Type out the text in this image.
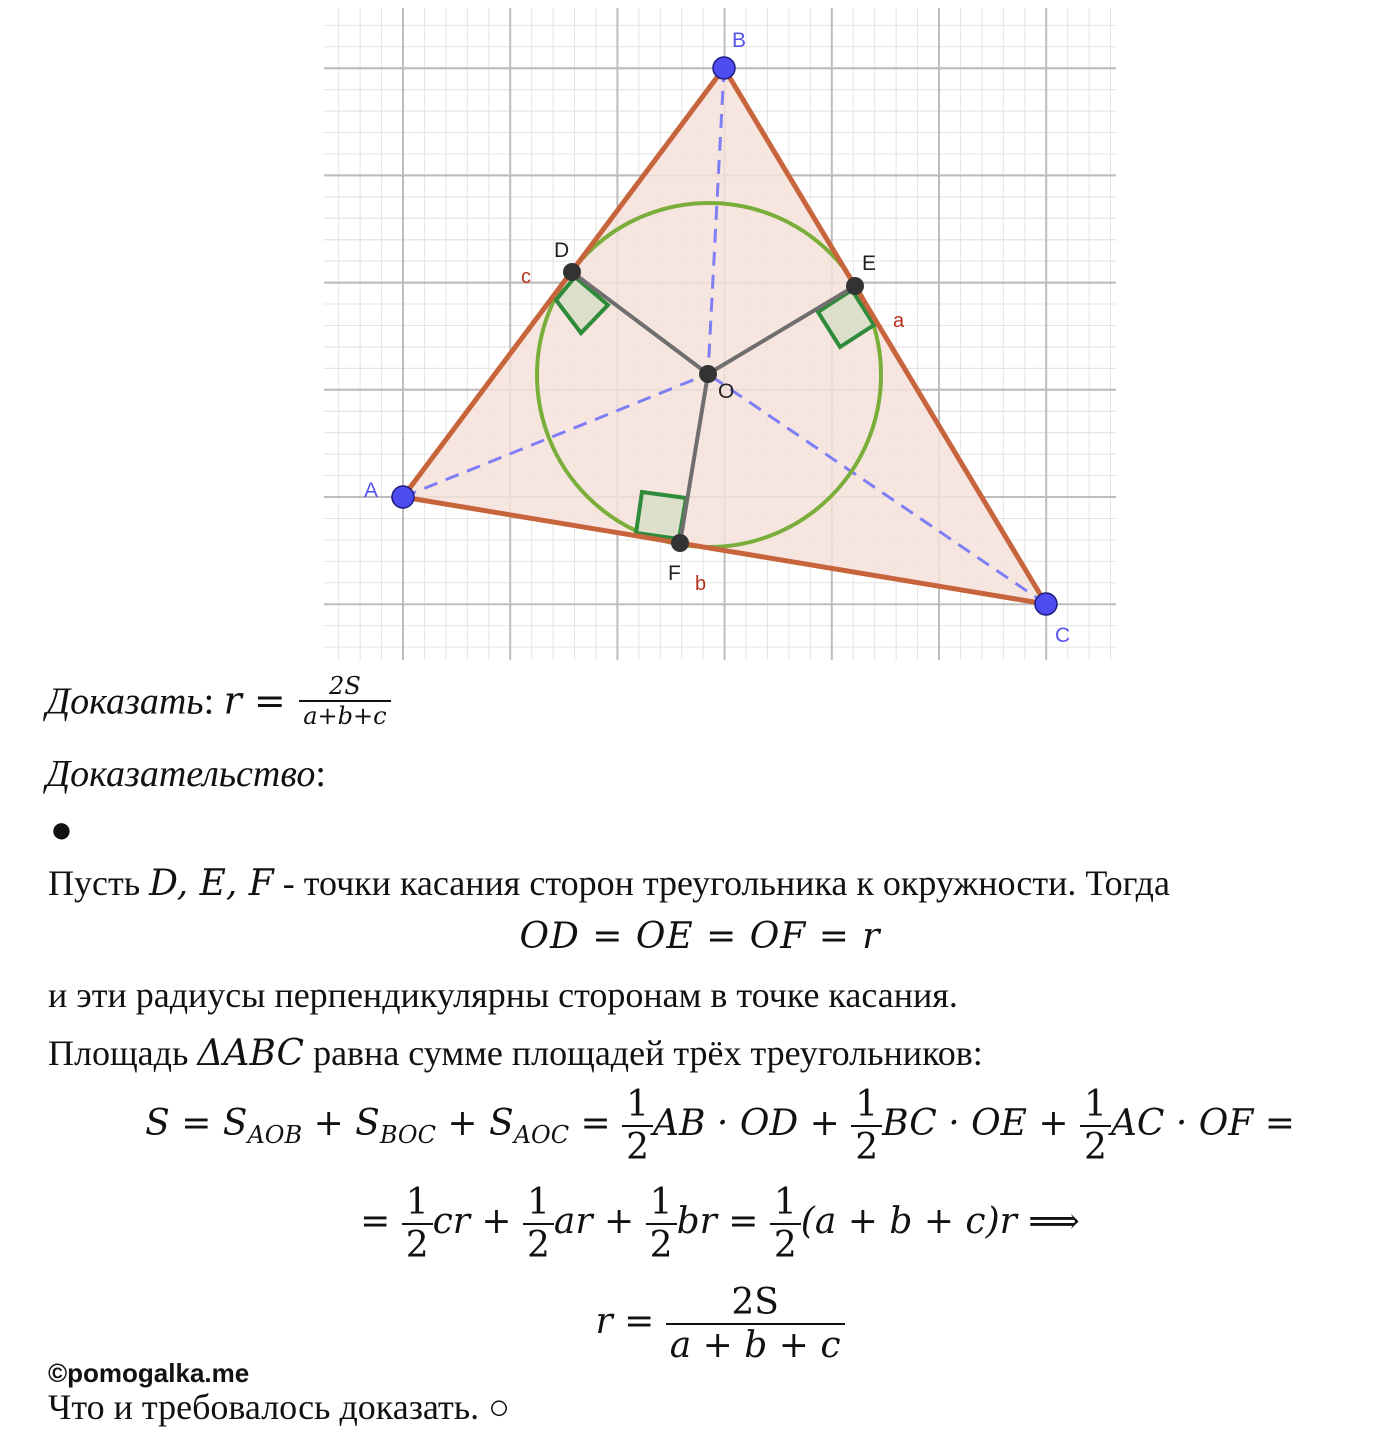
A
B
C
D
E
F
O
a
b
c
Доказать: $r = \frac{2S}{a+b+c}$
Доказательство:
●
Пусть D, E, F - точки касания сторон треугольника к окружности. Тогда
OD = OE = OF = r
и эти радиусы перпендикулярны сторонам в точке касания.
Площадь ΔABC равна сумме площадей трёх треугольников:
$S = S_{AOB} + S_{BOC} + S_{AOC} = \frac{1}{2}$ AB · OD + $\frac{1}{2}$ BC · OE + $\frac{1}{2}$ AC · OF =
= $\frac{1}{2}$ cr + $\frac{1}{2}$ ar + $\frac{1}{2}$ br = $\frac{1}{2} (a + b + c)r$ ⟹
$r = \frac{2S}{a + b + c}$
©pomogalka.me
Что и требовалось доказать. ○
